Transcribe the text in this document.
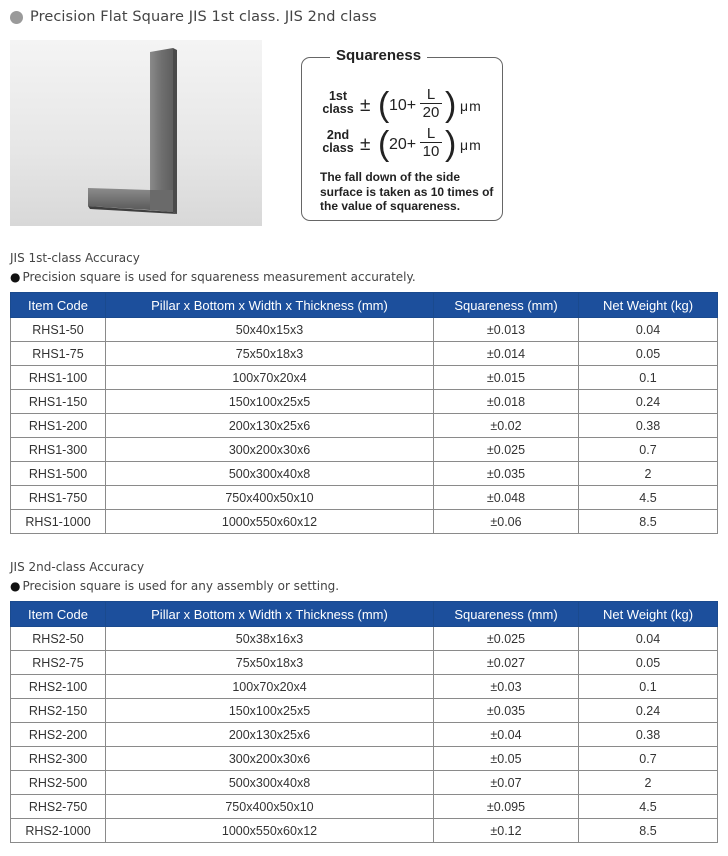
Precision Flat Square JIS 1st class. JIS 2nd class
Squareness
1st
class ± ( $10+ \frac{L}{20}$ ) μm
2nd
class ± ( $20+ \frac{L}{10}$ ) μm
The fall down of the side surface is taken as 10 times of the value of squareness.
JIS 1st-class Accuracy
● Precision square is used for squareness measurement accurately.
Item Code	Pillar x Bottom x Width x Thickness (mm)	Squareness (mm)	Net Weight (kg)
RHS1-50	50x40x15x3	±0.013	0.04
RHS1-75	75x50x18x3	±0.014	0.05
RHS1-100	100x70x20x4	±0.015	0.1
RHS1-150	150x100x25x5	±0.018	0.24
RHS1-200	200x130x25x6	±0.02	0.38
RHS1-300	300x200x30x6	±0.025	0.7
RHS1-500	500x300x40x8	±0.035	2
RHS1-750	750x400x50x10	±0.048	4.5
RHS1-1000	1000x550x60x12	±0.06	8.5
JIS 2nd-class Accuracy
● Precision square is used for any assembly or setting.
Item Code	Pillar x Bottom x Width x Thickness (mm)	Squareness (mm)	Net Weight (kg)
RHS2-50	50x38x16x3	±0.025	0.04
RHS2-75	75x50x18x3	±0.027	0.05
RHS2-100	100x70x20x4	±0.03	0.1
RHS2-150	150x100x25x5	±0.035	0.24
RHS2-200	200x130x25x6	±0.04	0.38
RHS2-300	300x200x30x6	±0.05	0.7
RHS2-500	500x300x40x8	±0.07	2
RHS2-750	750x400x50x10	±0.095	4.5
RHS2-1000	1000x550x60x12	±0.12	8.5
